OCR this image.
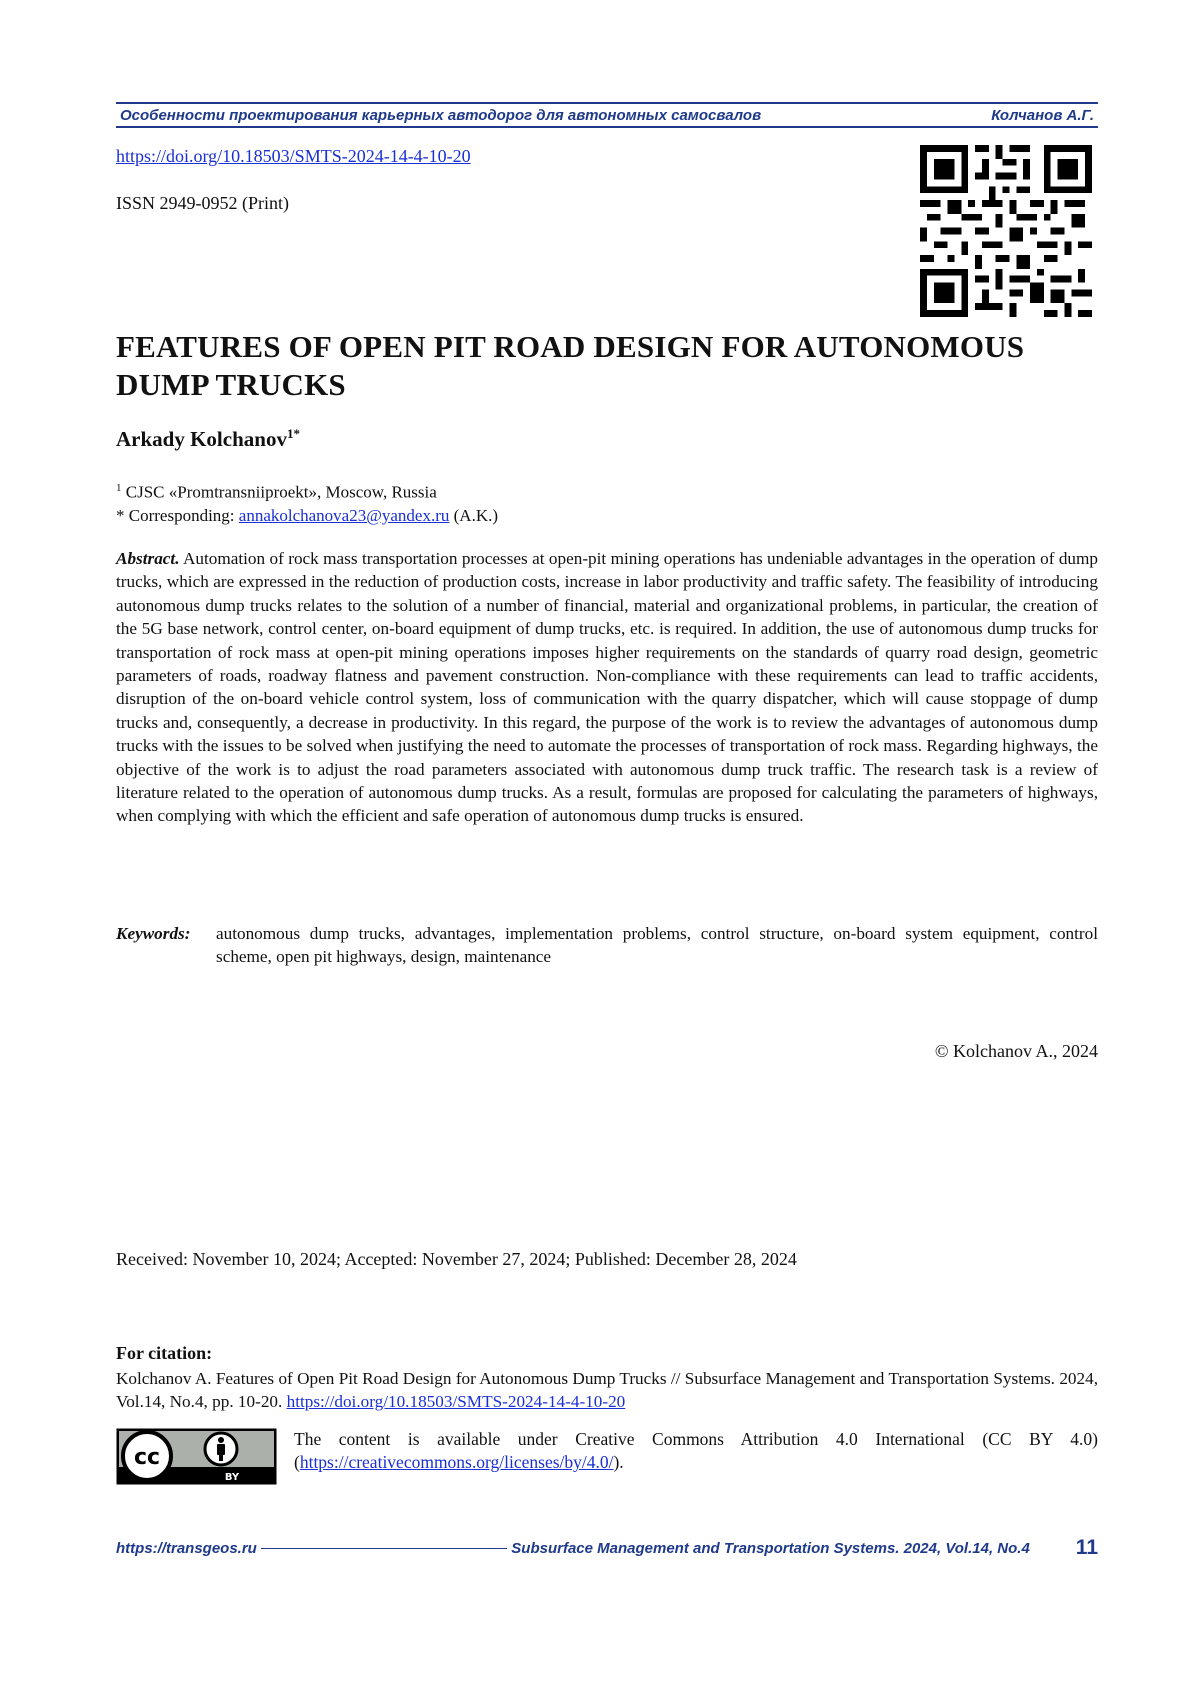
Особенности проектирования карьерных автодорог для автономных самосвалов	Колчанов А.Г.
https://doi.org/10.18503/SMTS-2024-14-4-10-20
ISSN 2949-0952 (Print)
FEATURES OF OPEN PIT ROAD DESIGN FOR AUTONOMOUS DUMP TRUCKS
Arkady Kolchanov$^{1*}$
$^1$ CJSC «Promtransniiproekt», Moscow, Russia
* Corresponding: annakolchanova23@yandex.ru (A.K.)
Abstract. Automation of rock mass transportation processes at open-pit mining operations has undeniable advantages in the operation of dump trucks, which are expressed in the reduction of production costs, increase in labor productivity and traffic safety. The feasibility of introducing autonomous dump trucks relates to the solution of a number of financial, material and organizational problems, in particular, the creation of the 5G base network, control center, on-board equipment of dump trucks, etc. is required. In addition, the use of autonomous dump trucks for transportation of rock mass at open-pit mining operations imposes higher requirements on the standards of quarry road design, geometric parameters of roads, roadway flatness and pavement construction. Non-compliance with these requirements can lead to traffic accidents, disruption of the on-board vehicle control system, loss of communication with the quarry dispatcher, which will cause stoppage of dump trucks and, consequently, a decrease in productivity. In this regard, the purpose of the work is to review the advantages of autonomous dump trucks with the issues to be solved when justifying the need to automate the processes of transportation of rock mass. Regarding highways, the objective of the work is to adjust the road parameters associated with autonomous dump truck traffic. The research task is a review of literature related to the operation of autonomous dump trucks. As a result, formulas are proposed for calculating the parameters of highways, when complying with which the efficient and safe operation of autonomous dump trucks is ensured.
Keywords:	autonomous dump trucks, advantages, implementation problems, control structure, on-board system equipment, control scheme, open pit highways, design, maintenance
© Kolchanov A., 2024
Received: November 10, 2024; Accepted: November 27, 2024; Published: December 28, 2024
For citation:
Kolchanov A. Features of Open Pit Road Design for Autonomous Dump Trucks // Subsurface Management and Transportation Systems. 2024, Vol.14, No.4, pp. 10-20. https://doi.org/10.18503/SMTS-2024-14-4-10-20
cc
BY
The content is available under Creative Commons Attribution 4.0 International (CC BY 4.0) (https://creativecommons.org/licenses/by/4.0/).
https://transgeos.ru	Subsurface Management and Transportation Systems. 2024, Vol.14, No.4 11
